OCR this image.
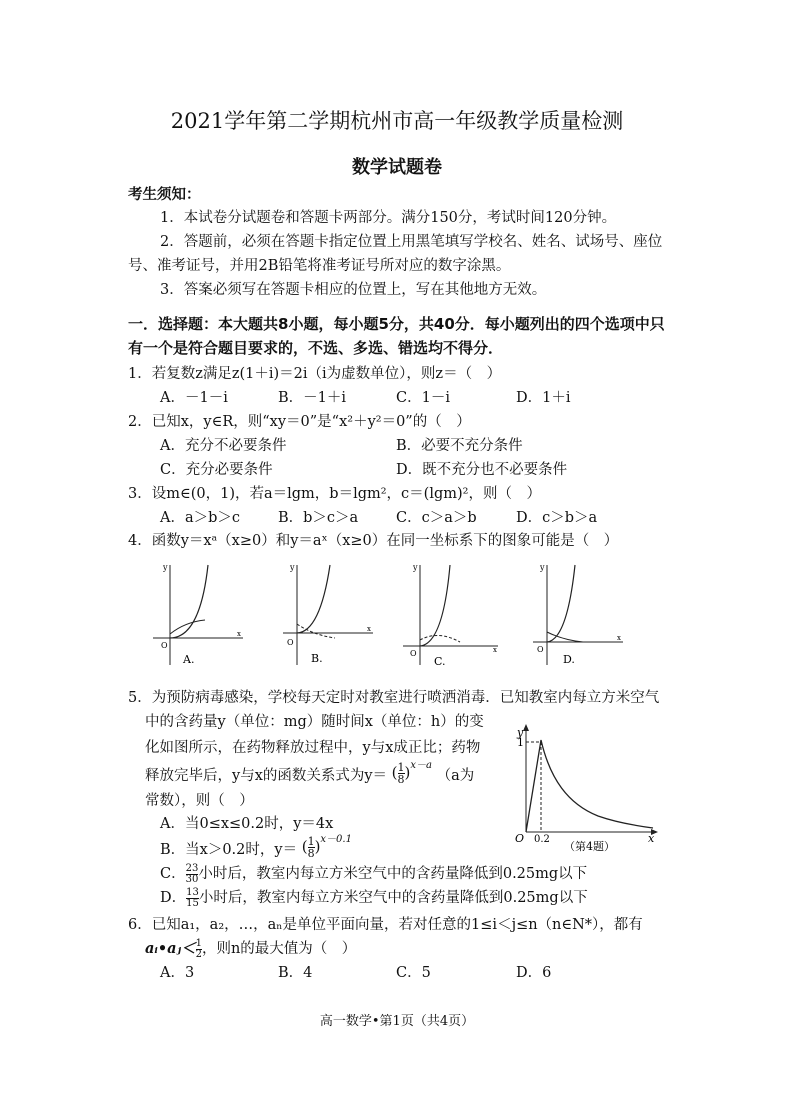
2021学年第二学期杭州市高一年级教学质量检测
数学试题卷
考生须知：
1．本试卷分试题卷和答题卡两部分。满分150分，考试时间120分钟。
2．答题前，必须在答题卡指定位置上用黑笔填写学校名、姓名、试场号、座位
号、准考证号，并用2B铅笔将准考证号所对应的数字涂黑。
3．答案必须写在答题卡相应的位置上，写在其他地方无效。
一．选择题：本大题共8小题，每小题5分，共40分．每小题列出的四个选项中只
有一个是符合题目要求的，不选、多选、错选均不得分．
1．若复数z满足z(1＋i)＝2i（i为虚数单位），则z＝（　）
A．－1－i	B．－1＋i	C．1－i	D．1＋i
2．已知x，y∈R，则“xy＝0”是“x²＋y²＝0”的（　）
A．充分不必要条件	B．必要不充分条件
C．充分必要条件	D．既不充分也不必要条件
3．设m∈(0，1)，若a＝lgm，b＝lgm²，c＝(lgm)²，则（　）
A．a＞b＞c	B．b＞c＞a	C．c＞a＞b	D．c＞b＞a
4．函数y＝xᵃ（x≥0）和y＝aˣ（x≥0）在同一坐标系下的图象可能是（　）
y
x
O
A.
y
x
O
B.
y
x
O
C.
y
x
O
D.
5．为预防病毒感染，学校每天定时对教室进行喷洒消毒．已知教室内每立方米空气
中的含药量y（单位：mg）随时间x（单位：h）的变
化如图所示，在药物释放过程中，y与x成正比；药物
释放完毕后，y与x的函数关系式为y＝ ( $\frac{1}{8} )^{x-a}$ （a为
常数），则（　）
A．当0≤x≤0.2时，y＝4x
B．当x＞0.2时，y＝ ( $\frac{1}{8} )^{x-0.1}$
C． $\frac{23}{30}$ 小时后，教室内每立方米空气中的含药量降低到0.25mg以下
D． $\frac{13}{15}$ 小时后，教室内每立方米空气中的含药量降低到0.25mg以下
y
1
O 0.2	x
（第4题）
6．已知a₁，a₂，…，aₙ是单位平面向量，若对任意的1≤i＜j≤n（n∈N*），都有
aᵢ•aⱼ＜ $\frac{1}{2}$ ，则n的最大值为（　）
A．3	B．4	C．5	D．6
高一数学•第1页（共4页）
